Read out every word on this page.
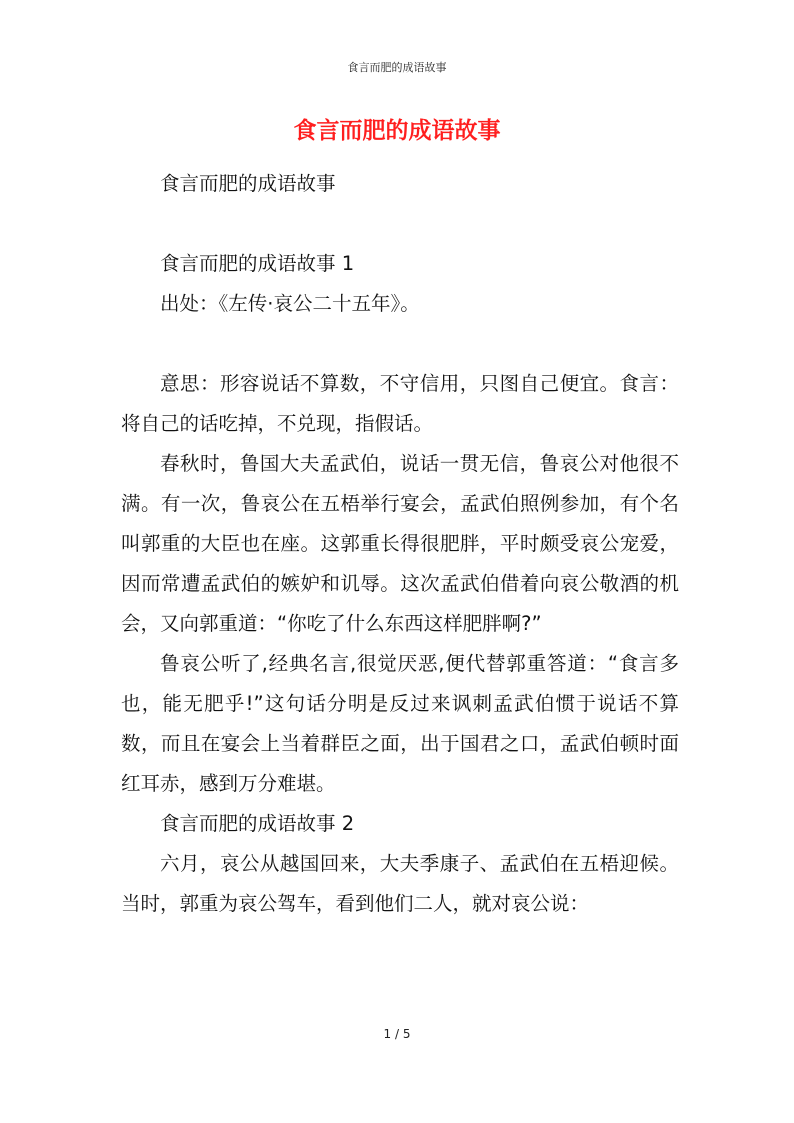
食言而肥的成语故事
食言而肥的成语故事

食言而肥的成语故事

食言而肥的成语故事 1

出处：《左传·哀公二十五年》。

意思：形容说话不算数，不守信用，只图自己便宜。食言：将自己的话吃掉，不兑现，指假话。

春秋时，鲁国大夫孟武伯，说话一贯无信，鲁哀公对他很不满。有一次，鲁哀公在五梧举行宴会，孟武伯照例参加，有个名叫郭重的大臣也在座。这郭重长得很肥胖，平时颇受哀公宠爱，因而常遭孟武伯的嫉妒和讥辱。这次孟武伯借着向哀公敬酒的机会，又向郭重道：“你吃了什么东西这样肥胖啊?”

鲁哀公听了,经典名言,很觉厌恶,便代替郭重答道：“食言多也，能无肥乎!”这句话分明是反过来讽刺孟武伯惯于说话不算数，而且在宴会上当着群臣之面，出于国君之口，孟武伯顿时面红耳赤，感到万分难堪。

食言而肥的成语故事 2

六月，哀公从越国回来，大夫季康子、孟武伯在五梧迎候。当时，郭重为哀公驾车，看到他们二人，就对哀公说：

1 / 5
